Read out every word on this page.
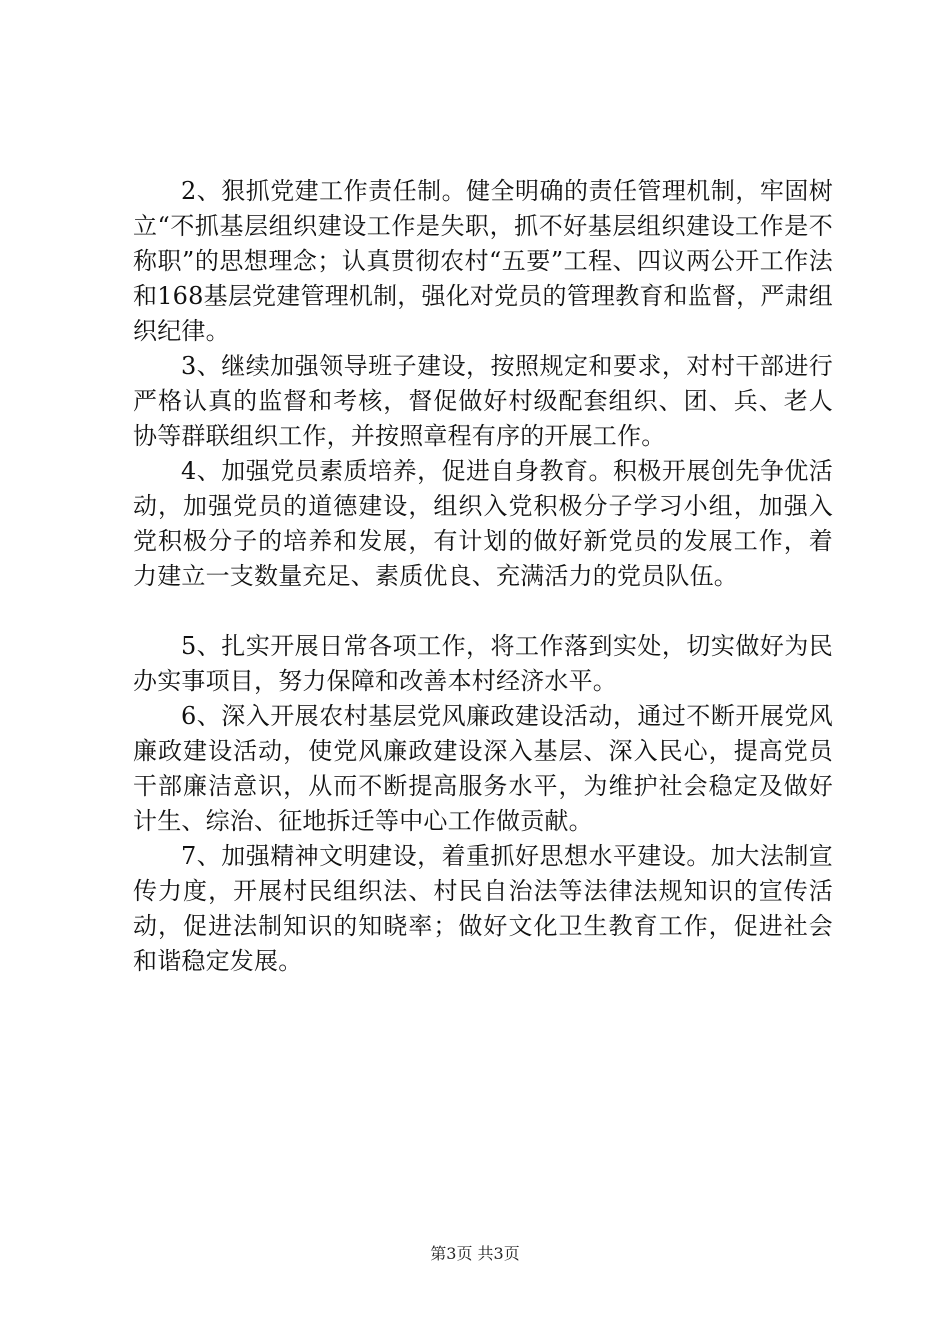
2、狠抓党建工作责任制。健全明确的责任管理机制，牢固树立“不抓基层组织建设工作是失职，抓不好基层组织建设工作是不称职”的思想理念；认真贯彻农村“五要”工程、四议两公开工作法和168基层党建管理机制，强化对党员的管理教育和监督，严肃组织纪律。

3、继续加强领导班子建设，按照规定和要求，对村干部进行严格认真的监督和考核，督促做好村级配套组织、团、兵、老人协等群联组织工作，并按照章程有序的开展工作。

4、加强党员素质培养，促进自身教育。积极开展创先争优活动，加强党员的道德建设，组织入党积极分子学习小组，加强入党积极分子的培养和发展，有计划的做好新党员的发展工作，着力建立一支数量充足、素质优良、充满活力的党员队伍。

5、扎实开展日常各项工作，将工作落到实处，切实做好为民办实事项目，努力保障和改善本村经济水平。

6、深入开展农村基层党风廉政建设活动，通过不断开展党风廉政建设活动，使党风廉政建设深入基层、深入民心，提高党员干部廉洁意识，从而不断提高服务水平，为维护社会稳定及做好计生、综治、征地拆迁等中心工作做贡献。

7、加强精神文明建设，着重抓好思想水平建设。加大法制宣传力度，开展村民组织法、村民自治法等法律法规知识的宣传活动，促进法制知识的知晓率；做好文化卫生教育工作，促进社会和谐稳定发展。

第3页 共3页
